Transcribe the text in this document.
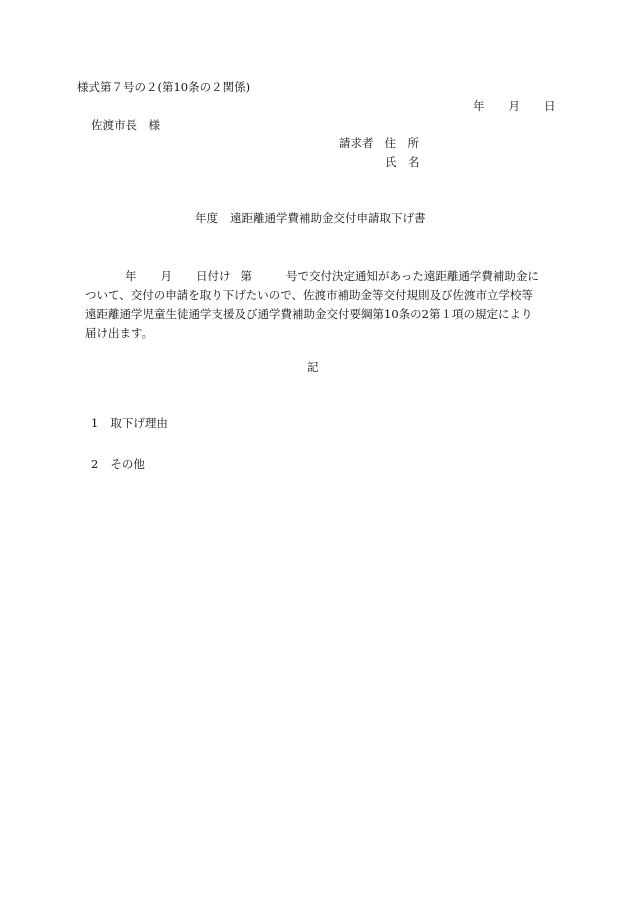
様式第７号の２(第10条の２関係)
年 月 日
佐渡市長　様
請求者 住　所
氏　名
年度 遠距離通学費補助金交付申請取下げ書
年 月 日付け 第	号で交付決定通知があった遠距離通学費補助金に
ついて、交付の申請を取り下げたいので、佐渡市補助金等交付規則及び佐渡市立学校等
遠距離通学児童生徒通学支援及び通学費補助金交付要綱第10条の2第１項の規定により
届け出ます。
記
1 取下げ理由
2 その他
